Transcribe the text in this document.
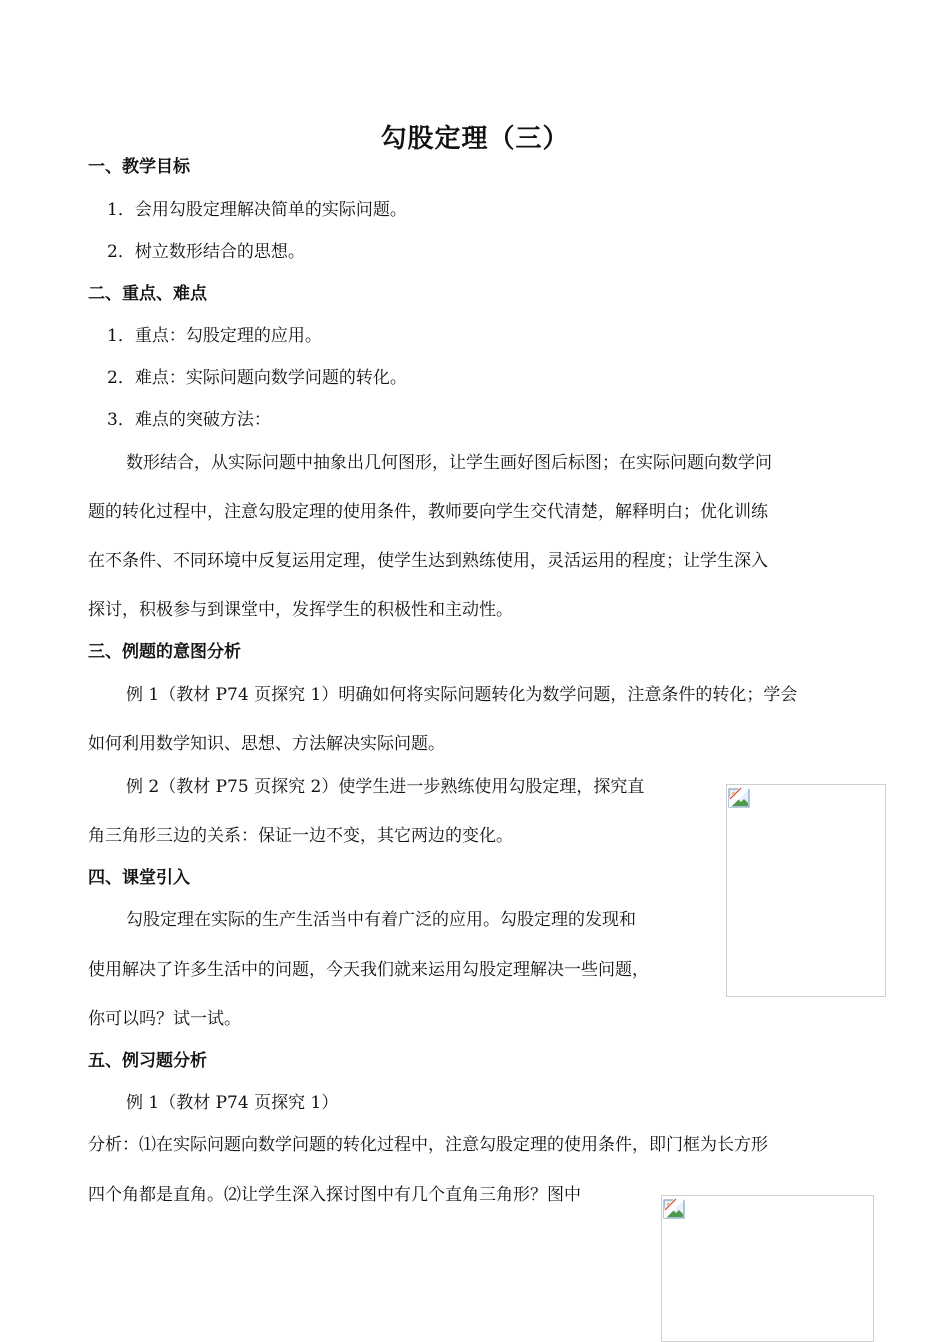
勾股定理（三）
一、教学目标
1．会用勾股定理解决简单的实际问题。
2．树立数形结合的思想。
二、重点、难点
1．重点：勾股定理的应用。
2．难点：实际问题向数学问题的转化。
3．难点的突破方法：
数形结合，从实际问题中抽象出几何图形，让学生画好图后标图；在实际问题向数学问
题的转化过程中，注意勾股定理的使用条件，教师要向学生交代清楚，解释明白；优化训练
在不条件、不同环境中反复运用定理，使学生达到熟练使用，灵活运用的程度；让学生深入
探讨，积极参与到课堂中，发挥学生的积极性和主动性。
三、例题的意图分析
例 1（教材 P74 页探究 1）明确如何将实际问题转化为数学问题，注意条件的转化；学会
如何利用数学知识、思想、方法解决实际问题。
例 2（教材 P75 页探究 2）使学生进一步熟练使用勾股定理，探究直
角三角形三边的关系：保证一边不变，其它两边的变化。
四、课堂引入
勾股定理在实际的生产生活当中有着广泛的应用。勾股定理的发现和
使用解决了许多生活中的问题，今天我们就来运用勾股定理解决一些问题，
你可以吗？试一试。
五、例习题分析
例 1（教材 P74 页探究 1）
分析：⑴在实际问题向数学问题的转化过程中，注意勾股定理的使用条件，即门框为长方形
四个角都是直角。⑵让学生深入探讨图中有几个直角三角形？图中
